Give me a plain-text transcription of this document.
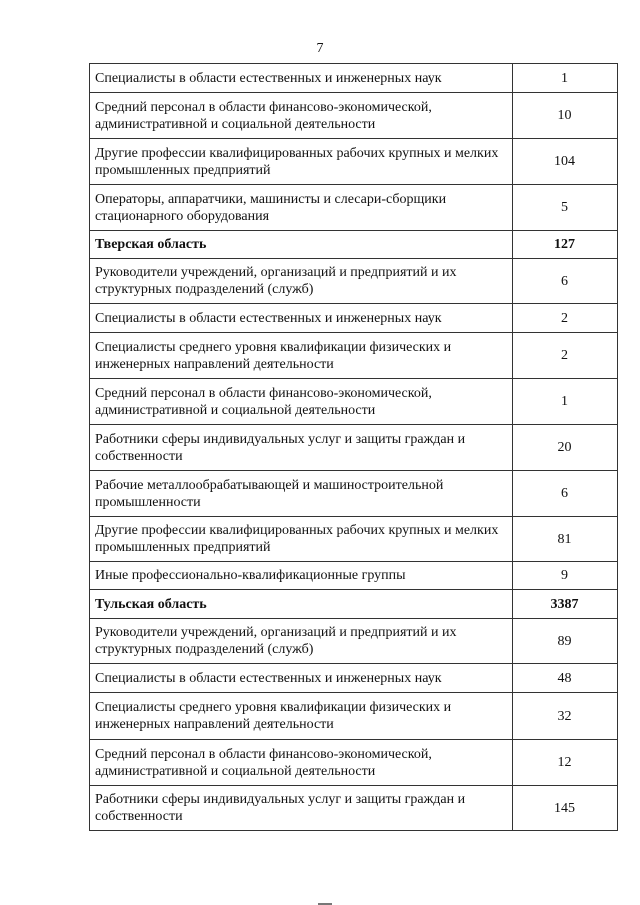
7
Специалисты в области естественных и инженерных наук	1
Средний персонал в области финансово-экономической, административной и социальной деятельности	10
Другие профессии квалифицированных рабочих крупных и мелких промышленных предприятий	104
Операторы, аппаратчики, машинисты и слесари-сборщики стационарного оборудования	5
Тверская область	127
Руководители учреждений, организаций и предприятий и их структурных подразделений (служб)	6
Специалисты в области естественных и инженерных наук	2
Специалисты среднего уровня квалификации физических и инженерных направлений деятельности	2
Средний персонал в области финансово-экономической, административной и социальной деятельности	1
Работники сферы индивидуальных услуг и защиты граждан и собственности	20
Рабочие металлообрабатывающей и машиностроительной промышленности	6
Другие профессии квалифицированных рабочих крупных и мелких промышленных предприятий	81
Иные профессионально-квалификационные группы	9
Тульская область	3387
Руководители учреждений, организаций и предприятий и их структурных подразделений (служб)	89
Специалисты в области естественных и инженерных наук	48
Специалисты среднего уровня квалификации физических и инженерных направлений деятельности	32
Средний персонал в области финансово-экономической, административной и социальной деятельности	12
Работники сферы индивидуальных услуг и защиты граждан и собственности	145
